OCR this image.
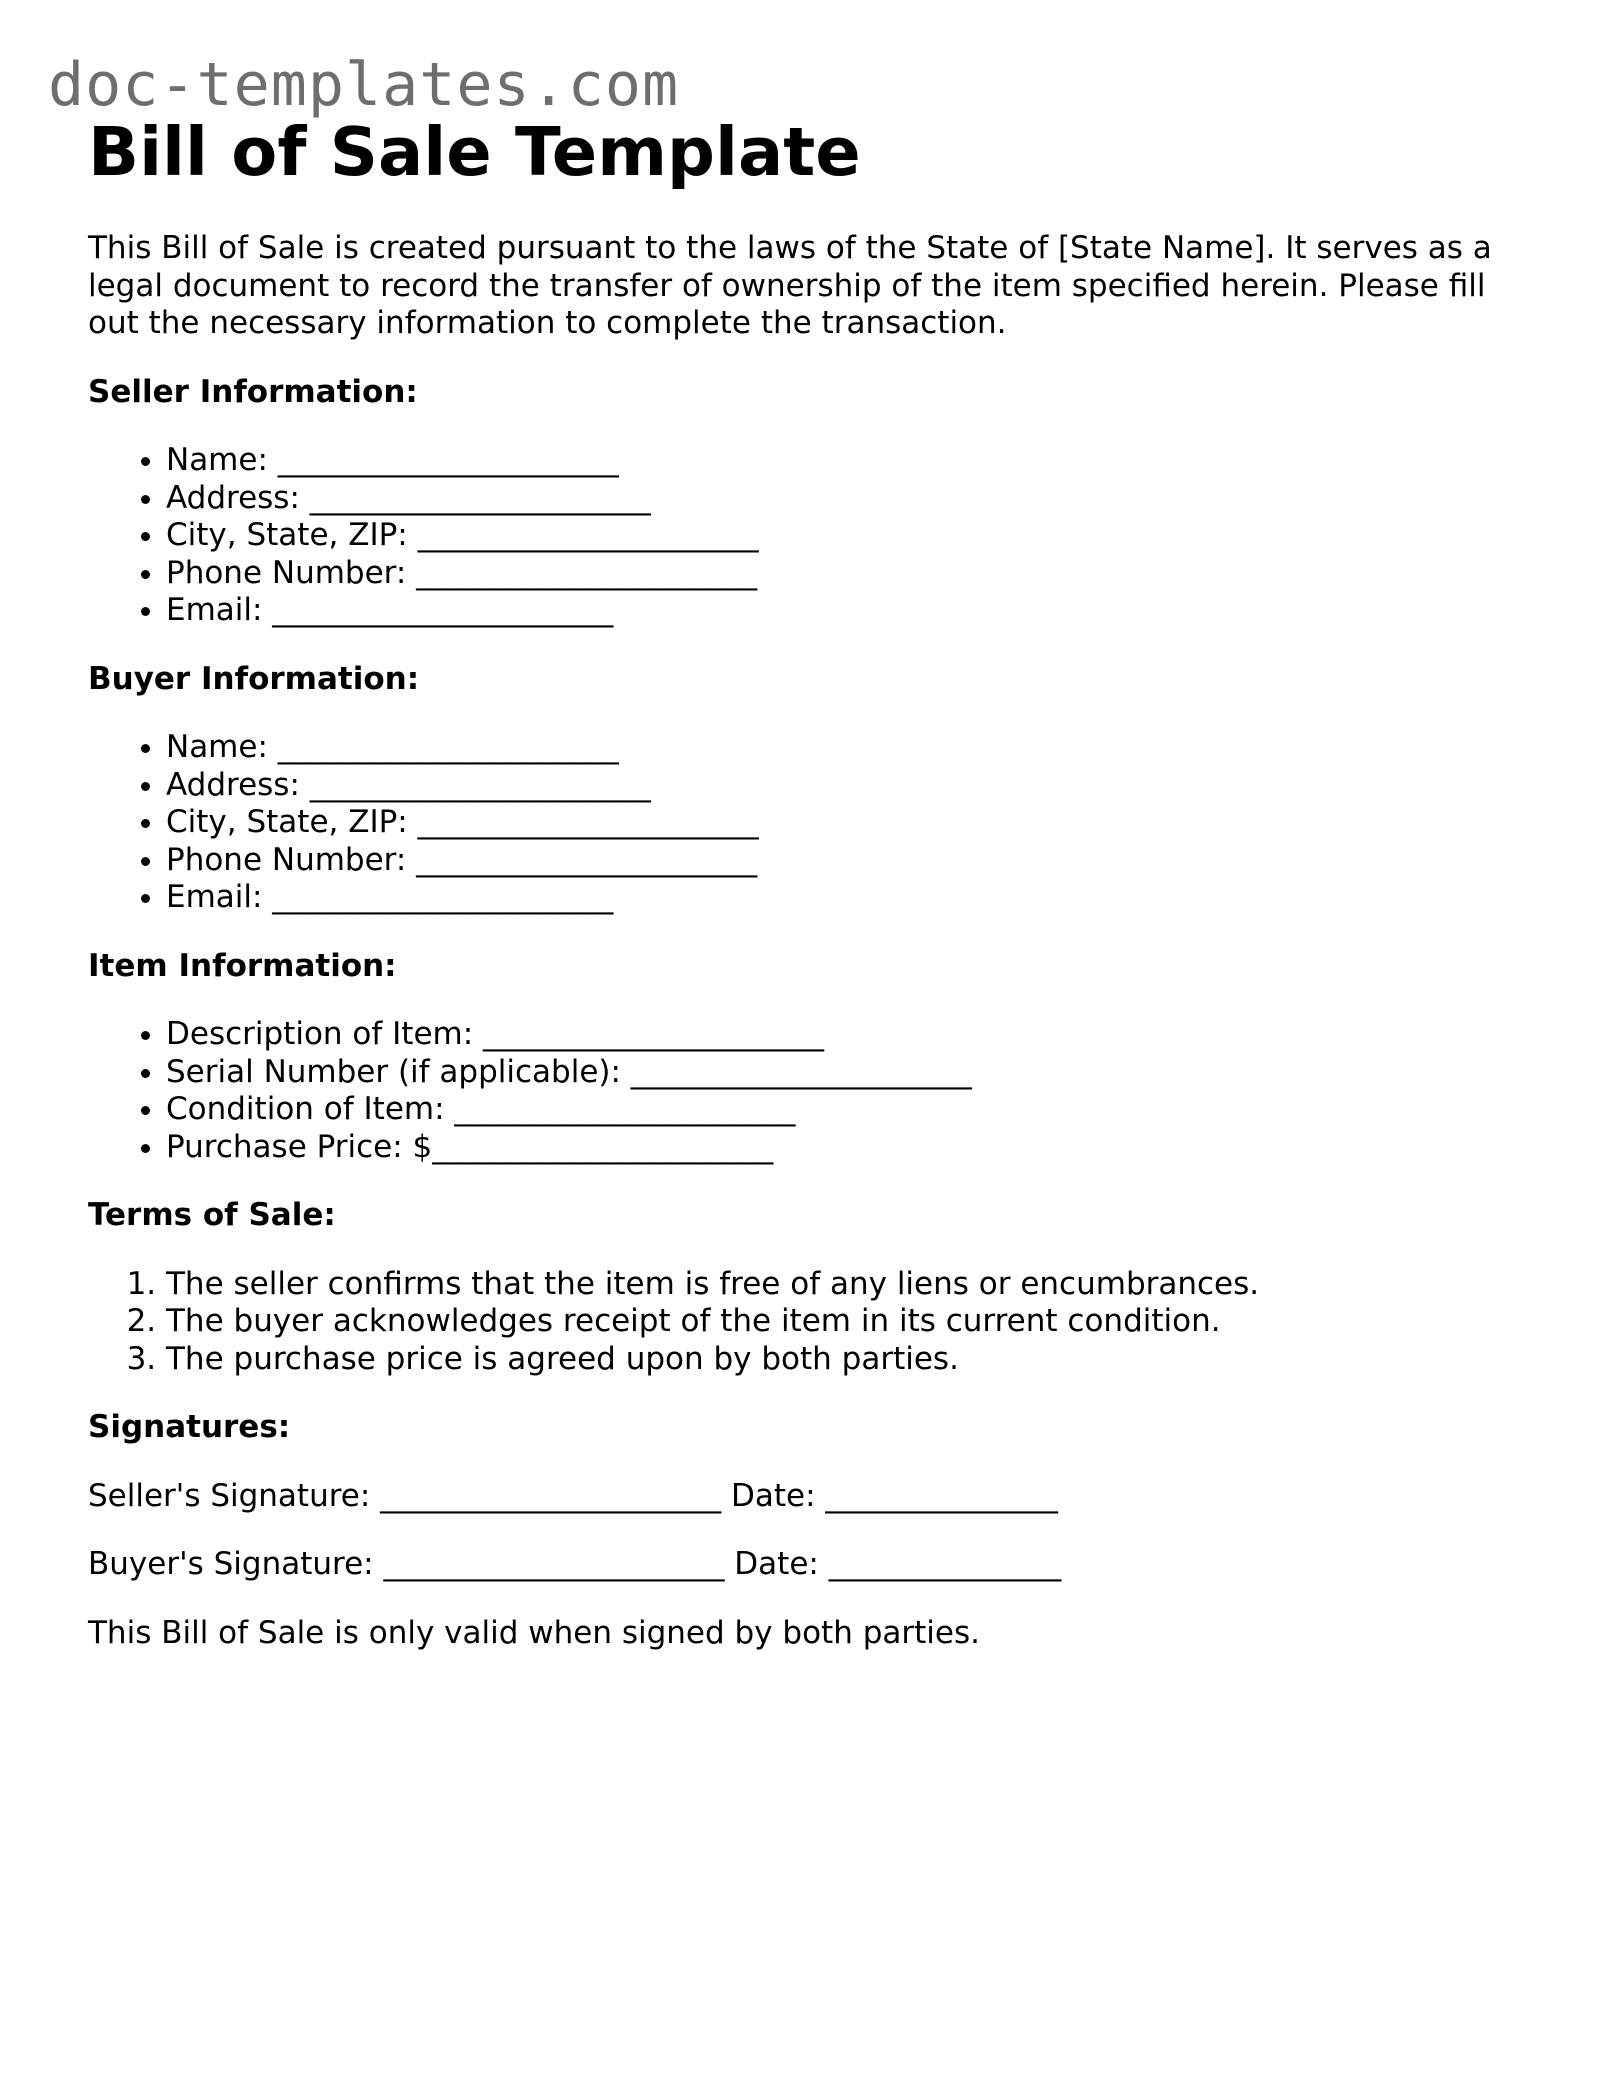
doc-templates.com
Bill of Sale Template

This Bill of Sale is created pursuant to the laws of the State of [State Name]. It serves as a legal document to record the transfer of ownership of the item specified herein. Please fill out the necessary information to complete the transaction.

Seller Information:
• Name: ______________________
• Address: ______________________
• City, State, ZIP: ______________________
• Phone Number: ______________________
• Email: ______________________
Buyer Information:
• Name: ______________________
• Address: ______________________
• City, State, ZIP: ______________________
• Phone Number: ______________________
• Email: ______________________
Item Information:
• Description of Item: ______________________
• Serial Number (if applicable): ______________________
• Condition of Item: ______________________
• Purchase Price: $______________________
Terms of Sale:
1. The seller confirms that the item is free of any liens or encumbrances.
2. The buyer acknowledges receipt of the item in its current condition.
3. The purchase price is agreed upon by both parties.
Signatures:

Seller's Signature: ______________________ Date: _______________

Buyer's Signature: ______________________ Date: _______________

This Bill of Sale is only valid when signed by both parties.
